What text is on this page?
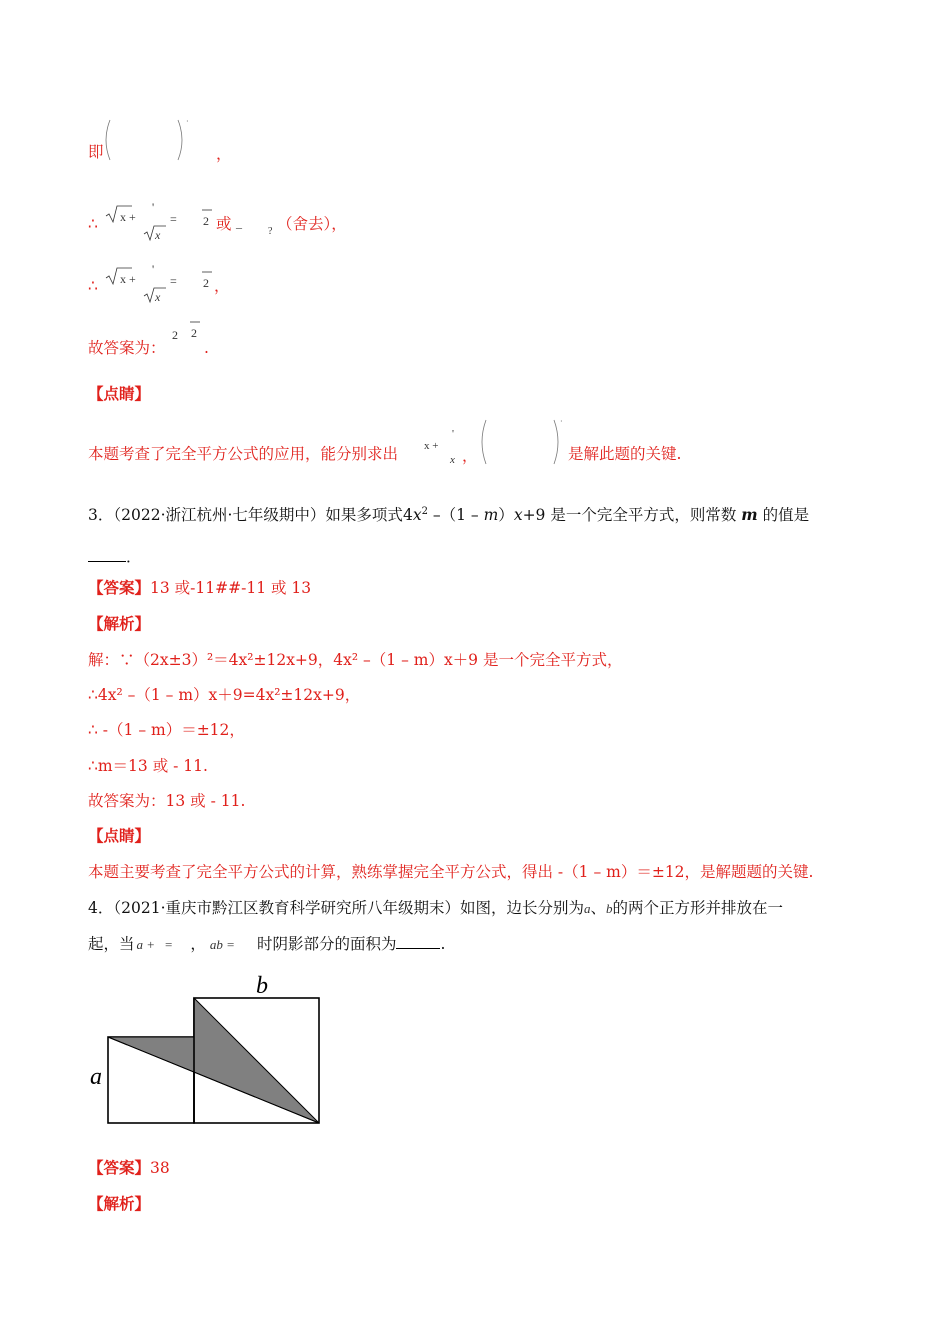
即
·
，
∴ x +
'
x
= 2 或 _
? （舍去），
∴ x +
'
x
= 2 ，
故答案为：
2 2
.
【点睛】
本题考查了完全平方公式的应用，能分别求出 x +
'
x ，
·
是解此题的关键.
3．（2022·浙江杭州·七年级期中）如果多项式$4x^2$ –（1 – m）x+9 是一个完全平方式，则常数 m 的值是
．
【答案】13 或-11##-11 或 13
【解析】
解：∵（2x±3）²＝4x²±12x+9，4x² –（1 – m）x＋9 是一个完全平方式，
∴4x² –（1 – m）x＋9=4x²±12x+9，
∴ -（1 – m）＝±12，
∴m＝13 或 - 11.
故答案为：13 或 - 11.
【点睛】
本题主要考查了完全平方公式的计算，熟练掌握完全平方公式，得出 -（1 – m）＝±12，是解题题的关键.
4．（2021·重庆市黔江区教育科学研究所八年级期末）如图，边长分别为a、b的两个正方形并排放在一
起，当 a + = ， ab = 时阴影部分的面积为	.
a
b
【答案】38
【解析】
